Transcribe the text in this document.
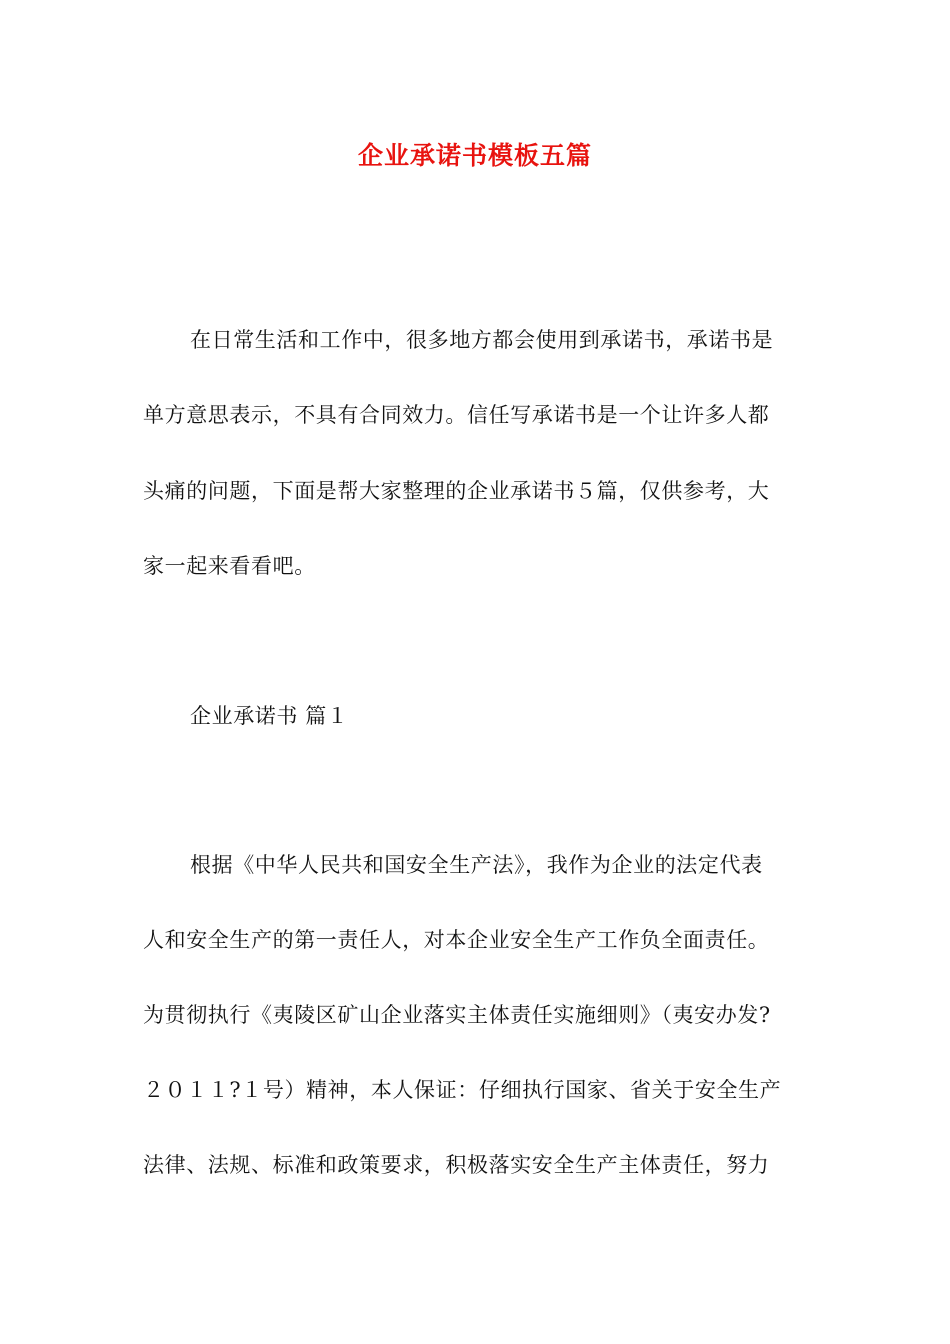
企业承诺书模板五篇
在日常生活和工作中，很多地方都会使用到承诺书，承诺书是
单方意思表示，不具有合同效力。信任写承诺书是一个让许多人都
头痛的问题，下面是帮大家整理的企业承诺书５篇，仅供参考，大
家一起来看看吧。
企业承诺书 篇１
根据《中华人民共和国安全生产法》，我作为企业的法定代表
人和安全生产的第一责任人，对本企业安全生产工作负全面责任。
为贯彻执行《夷陵区矿山企业落实主体责任实施细则》（夷安办发?
２０１１?１号）精神，本人保证：仔细执行国家、省关于安全生产
法律、法规、标准和政策要求，积极落实安全生产主体责任，努力
